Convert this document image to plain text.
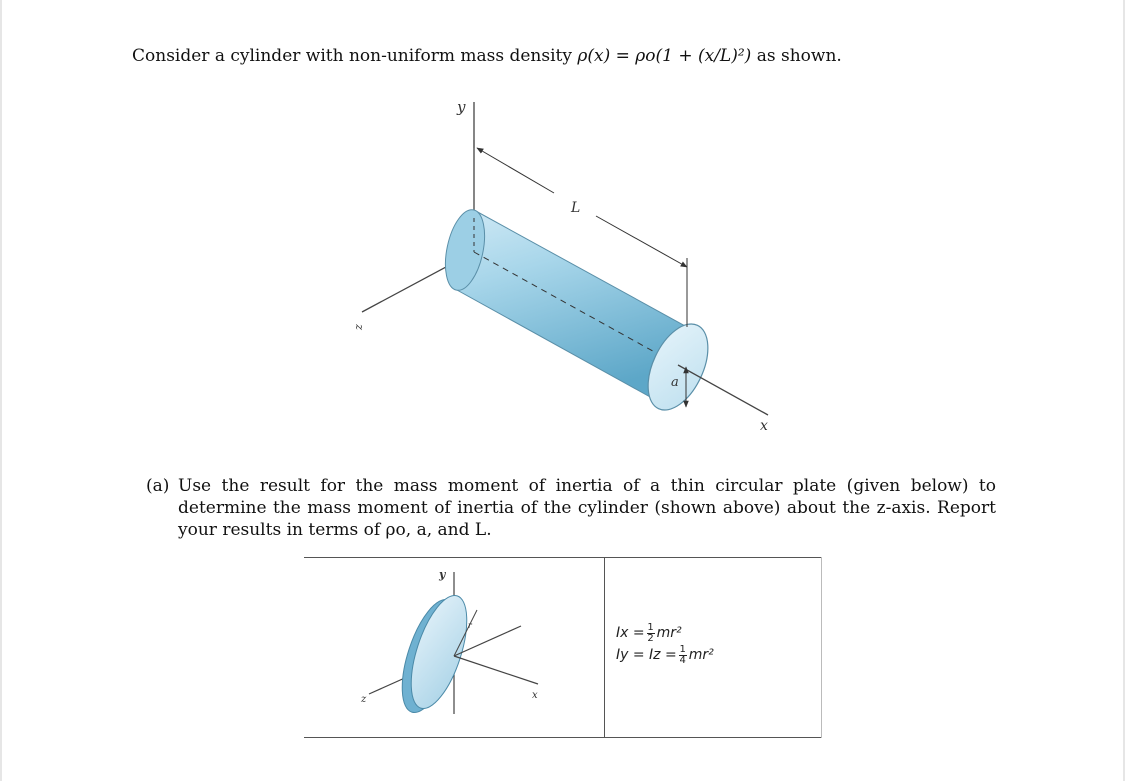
Consider a cylinder with non-uniform mass density ρ(x) = ρo(1 + (x/L)²) as shown.
y
z
x
L
a
(a) Use the result for the mass moment of inertia of a thin circular plate (given below) to determine the mass moment of inertia of the cylinder (shown above) about the z-axis. Report your results in terms of ρo, a, and L.
y
z	x
r	$Ix = \frac{1}{2} mr^2$
$Iy = Iz = \frac{1}{4} mr^2$
